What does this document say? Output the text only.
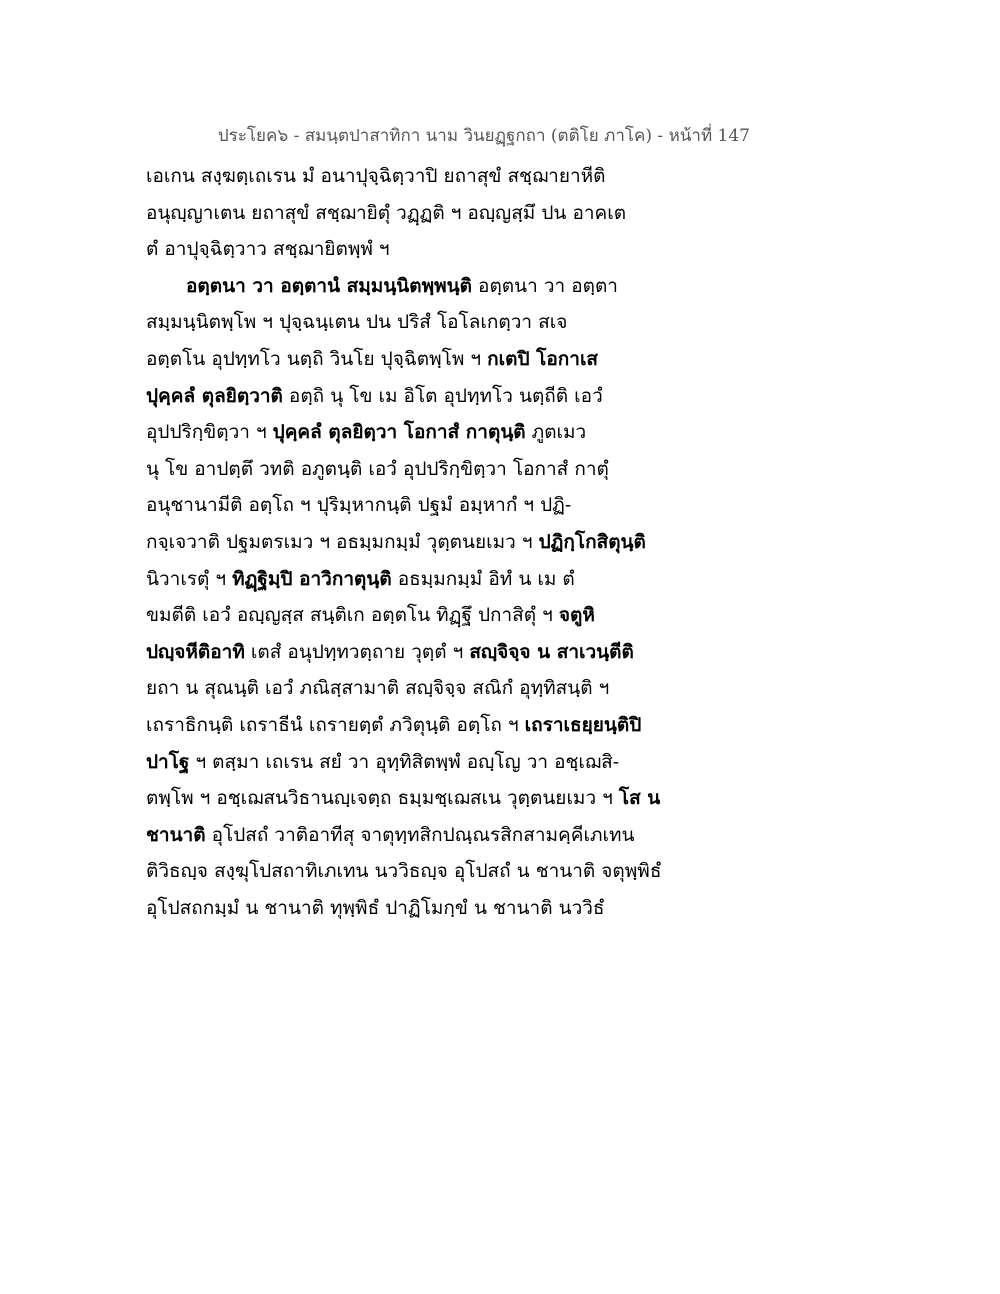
ประโยค๖ - สมนฺตปาสาทิกา นาม วินยฏฺฐกถา (ตติโย ภาโค) - หน้าที่ 147
เอเกน สงฺฆตฺเถเรน มํ อนาปุจฺฉิตฺวาปิ ยถาสุขํ สชฺฌายาหีติ
อนุญฺญาเตน ยถาสุขํ สชฺฌายิตุํ วฏฺฏติ ฯ อญฺญสฺมึ ปน อาคเต
ตํ อาปุจฺฉิตฺวาว สชฺฌายิตพฺพํ ฯ
อตฺตนา วา อตฺตานํ สมฺมนฺนิตพฺพนฺติ อตฺตนา วา อตฺตา
สมฺมนฺนิตพฺโพ ฯ ปุจฺฉนฺเตน ปน ปริสํ โอโลเกตฺวา สเจ
อตฺตโน อุปทฺทโว นตฺถิ วินโย ปุจฺฉิตพฺโพ ฯ กเตปิ โอกาเส
ปุคฺคลํ ตุลยิตฺวาติ อตฺถิ นุ โข เม อิโต อุปทฺทโว นตฺถีติ เอวํ
อุปปริกฺขิตฺวา ฯ ปุคฺคลํ ตุลยิตฺวา โอกาสํ กาตุนฺติ ภูตเมว
นุ โข อาปตฺตึ วทติ อภูตนฺติ เอวํ อุปปริกฺขิตฺวา โอกาสํ กาตุํ
อนุชานามีติ อตฺโถ ฯ ปุริมฺหากนฺติ ปฐมํ อมฺหากํ ฯ ปฏิ-
กจฺเจวาติ ปฐมตรเมว ฯ อธมฺมกมฺมํ วุตฺตนยเมว ฯ ปฏิกฺโกสิตุนฺติ
นิวาเรตุํ ฯ ทิฏฺฐิมฺปิ อาวิกาตุนฺติ อธมฺมกมฺมํ อิทํ น เม ตํ
ขมตีติ เอวํ อญฺญสฺส สนฺติเก อตฺตโน ทิฏฺฐึ ปกาสิตุํ ฯ จตูหิ
ปญฺจหีติอาทิ เตสํ อนุปทฺทวตฺถาย วุตฺตํ ฯ สญฺจิจฺจ น สาเวนฺตีติ
ยถา น สุณนฺติ เอวํ ภณิสฺสามาติ สญฺจิจฺจ สณิกํ อุทฺทิสนฺติ ฯ
เถราธิกนฺติ เถราธีนํ เถรายตฺตํ ภวิตุนฺติ อตฺโถ ฯ เถราเธยฺยนฺติปิ
ปาโฐ ฯ ตสฺมา เถเรน สยํ วา อุทฺทิสิตพฺพํ อญฺโญ วา อชฺเฌสิ-
ตพฺโพ ฯ อชฺเฌสนวิธานญฺเจตฺถ ธมฺมชฺเฌสเน วุตฺตนยเมว ฯ โส น
ชานาติ อุโปสถํ วาติอาทีสุ จาตุทฺทสิกปณฺณรสิกสามคฺคีเภเทน
ติวิธญฺจ สงฺฆุโปสถาทิเภเทน นววิธญฺจ อุโปสถํ น ชานาติ จตุพฺพิธํ
อุโปสถกมฺมํ น ชานาติ ทุพฺพิธํ ปาฏิโมกฺขํ น ชานาติ นววิธํ
